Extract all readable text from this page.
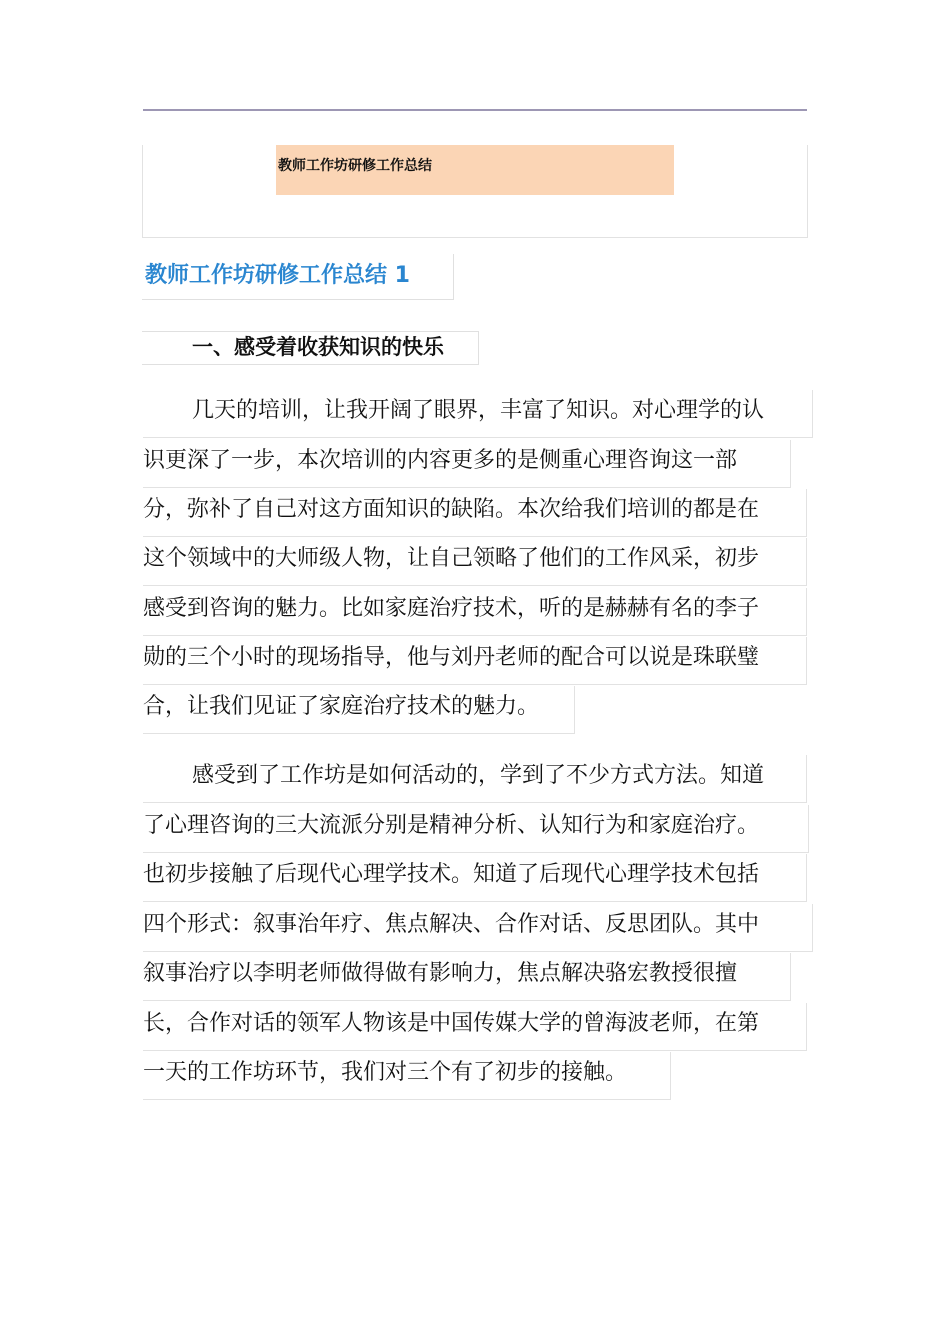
教师工作坊研修工作总结
教师工作坊研修工作总结 1
一、感受着收获知识的快乐
几天的培训，让我开阔了眼界，丰富了知识。对心理学的认
识更深了一步，本次培训的内容更多的是侧重心理咨询这一部
分，弥补了自己对这方面知识的缺陷。本次给我们培训的都是在
这个领域中的大师级人物，让自己领略了他们的工作风采，初步
感受到咨询的魅力。比如家庭治疗技术，听的是赫赫有名的李子
勋的三个小时的现场指导，他与刘丹老师的配合可以说是珠联璧
合，让我们见证了家庭治疗技术的魅力。
感受到了工作坊是如何活动的，学到了不少方式方法。知道
了心理咨询的三大流派分别是精神分析、认知行为和家庭治疗。
也初步接触了后现代心理学技术。知道了后现代心理学技术包括
四个形式：叙事治年疗、焦点解决、合作对话、反思团队。其中
叙事治疗以李明老师做得做有影响力，焦点解决骆宏教授很擅
长，合作对话的领军人物该是中国传媒大学的曾海波老师，在第
一天的工作坊环节，我们对三个有了初步的接触。
